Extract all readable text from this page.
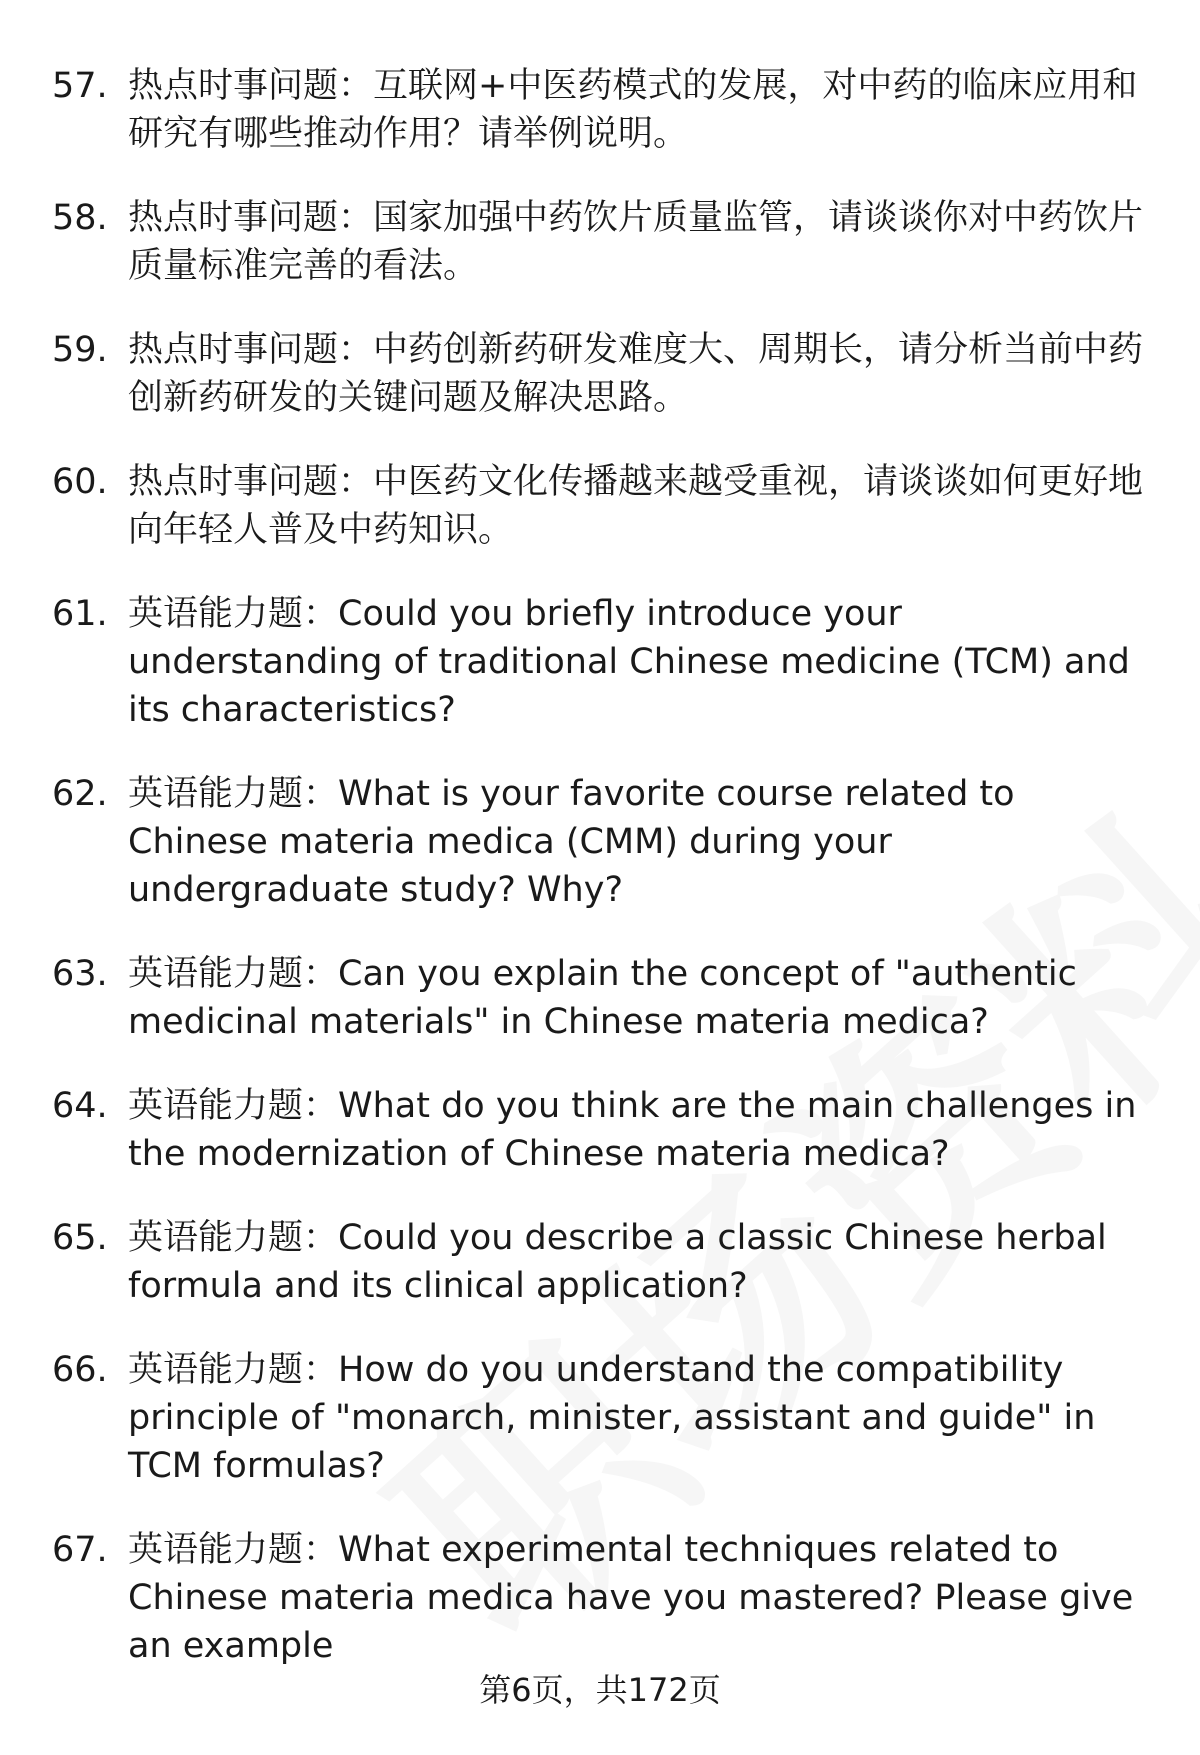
57. 热点时事问题：互联网+中医药模式的发展，对中药的临床应用和研究有哪些推动作用？请举例说明。
58. 热点时事问题：国家加强中药饮片质量监管，请谈谈你对中药饮片质量标准完善的看法。
59. 热点时事问题：中药创新药研发难度大、周期长，请分析当前中药创新药研发的关键问题及解决思路。
60. 热点时事问题：中医药文化传播越来越受重视，请谈谈如何更好地向年轻人普及中药知识。
61. 英语能力题：Could you briefly introduce your understanding of traditional Chinese medicine (TCM) and its characteristics?
62. 英语能力题：What is your favorite course related to Chinese materia medica (CMM) during your undergraduate study? Why?
63. 英语能力题：Can you explain the concept of "authentic medicinal materials" in Chinese materia medica?
64. 英语能力题：What do you think are the main challenges in the modernization of Chinese materia medica?
65. 英语能力题：Could you describe a classic Chinese herbal formula and its clinical application?
66. 英语能力题：How do you understand the compatibility principle of "monarch, minister, assistant and guide" in TCM formulas?
67. 英语能力题：What experimental techniques related to Chinese materia medica have you mastered? Please give an example
第6页，共172页
